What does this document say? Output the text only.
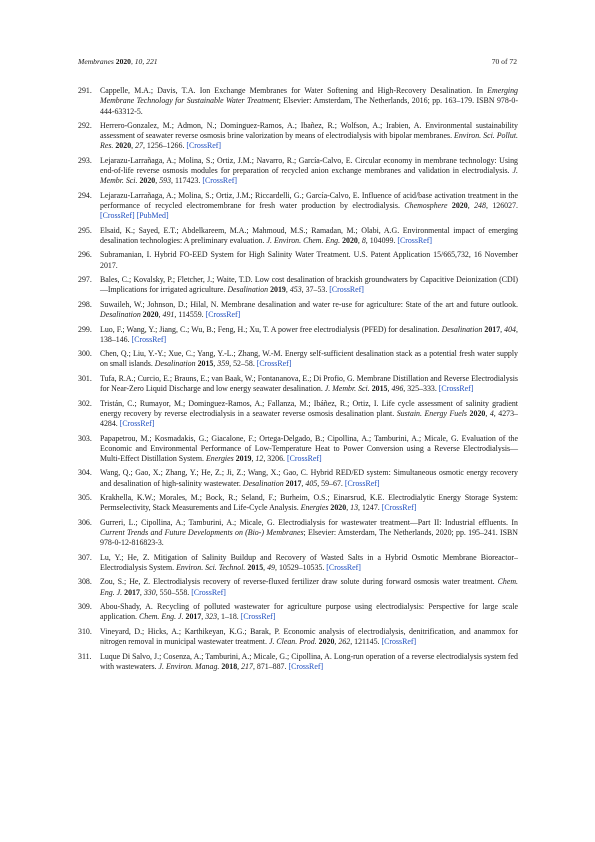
Membranes 2020, 10, 221	70 of 72
291. Cappelle, M.A.; Davis, T.A. Ion Exchange Membranes for Water Softening and High-Recovery Desalination. In Emerging Membrane Technology for Sustainable Water Treatment; Elsevier: Amsterdam, The Netherlands, 2016; pp. 163–179. ISBN 978-0-444-63312-5.
292. Herrero-Gonzalez, M.; Admon, N.; Dominguez-Ramos, A.; Ibañez, R.; Wolfson, A.; Irabien, A. Environmental sustainability assessment of seawater reverse osmosis brine valorization by means of electrodialysis with bipolar membranes. Environ. Sci. Pollut. Res. 2020, 27, 1256–1266. [CrossRef]
293. Lejarazu-Larrañaga, A.; Molina, S.; Ortiz, J.M.; Navarro, R.; García-Calvo, E. Circular economy in membrane technology: Using end-of-life reverse osmosis modules for preparation of recycled anion exchange membranes and validation in electrodialysis. J. Membr. Sci. 2020, 593, 117423. [CrossRef]
294. Lejarazu-Larrañaga, A.; Molina, S.; Ortiz, J.M.; Riccardelli, G.; García-Calvo, E. Influence of acid/base activation treatment in the performance of recycled electromembrane for fresh water production by electrodialysis. Chemosphere 2020, 248, 126027. [CrossRef] [PubMed]
295. Elsaid, K.; Sayed, E.T.; Abdelkareem, M.A.; Mahmoud, M.S.; Ramadan, M.; Olabi, A.G. Environmental impact of emerging desalination technologies: A preliminary evaluation. J. Environ. Chem. Eng. 2020, 8, 104099. [CrossRef]
296. Subramanian, I. Hybrid FO-EED System for High Salinity Water Treatment. U.S. Patent Application 15/665,732, 16 November 2017.
297. Bales, C.; Kovalsky, P.; Fletcher, J.; Waite, T.D. Low cost desalination of brackish groundwaters by Capacitive Deionization (CDI)—Implications for irrigated agriculture. Desalination 2019, 453, 37–53. [CrossRef]
298. Suwaileh, W.; Johnson, D.; Hilal, N. Membrane desalination and water re-use for agriculture: State of the art and future outlook. Desalination 2020, 491, 114559. [CrossRef]
299. Luo, F.; Wang, Y.; Jiang, C.; Wu, B.; Feng, H.; Xu, T. A power free electrodialysis (PFED) for desalination. Desalination 2017, 404, 138–146. [CrossRef]
300. Chen, Q.; Liu, Y.-Y.; Xue, C.; Yang, Y.-L.; Zhang, W.-M. Energy self-sufficient desalination stack as a potential fresh water supply on small islands. Desalination 2015, 359, 52–58. [CrossRef]
301. Tufa, R.A.; Curcio, E.; Brauns, E.; van Baak, W.; Fontananova, E.; Di Profio, G. Membrane Distillation and Reverse Electrodialysis for Near-Zero Liquid Discharge and low energy seawater desalination. J. Membr. Sci. 2015, 496, 325–333. [CrossRef]
302. Tristán, C.; Rumayor, M.; Dominguez-Ramos, A.; Fallanza, M.; Ibáñez, R.; Ortiz, I. Life cycle assessment of salinity gradient energy recovery by reverse electrodialysis in a seawater reverse osmosis desalination plant. Sustain. Energy Fuels 2020, 4, 4273–4284. [CrossRef]
303. Papapetrou, M.; Kosmadakis, G.; Giacalone, F.; Ortega-Delgado, B.; Cipollina, A.; Tamburini, A.; Micale, G. Evaluation of the Economic and Environmental Performance of Low-Temperature Heat to Power Conversion using a Reverse Electrodialysis—Multi-Effect Distillation System. Energies 2019, 12, 3206. [CrossRef]
304. Wang, Q.; Gao, X.; Zhang, Y.; He, Z.; Ji, Z.; Wang, X.; Gao, C. Hybrid RED/ED system: Simultaneous osmotic energy recovery and desalination of high-salinity wastewater. Desalination 2017, 405, 59–67. [CrossRef]
305. Krakhella, K.W.; Morales, M.; Bock, R.; Seland, F.; Burheim, O.S.; Einarsrud, K.E. Electrodialytic Energy Storage System: Permselectivity, Stack Measurements and Life-Cycle Analysis. Energies 2020, 13, 1247. [CrossRef]
306. Gurreri, L.; Cipollina, A.; Tamburini, A.; Micale, G. Electrodialysis for wastewater treatment—Part II: Industrial effluents. In Current Trends and Future Developments on (Bio-) Membranes; Elsevier: Amsterdam, The Netherlands, 2020; pp. 195–241. ISBN 978-0-12-816823-3.
307. Lu, Y.; He, Z. Mitigation of Salinity Buildup and Recovery of Wasted Salts in a Hybrid Osmotic Membrane Bioreactor–Electrodialysis System. Environ. Sci. Technol. 2015, 49, 10529–10535. [CrossRef]
308. Zou, S.; He, Z. Electrodialysis recovery of reverse-fluxed fertilizer draw solute during forward osmosis water treatment. Chem. Eng. J. 2017, 330, 550–558. [CrossRef]
309. Abou-Shady, A. Recycling of polluted wastewater for agriculture purpose using electrodialysis: Perspective for large scale application. Chem. Eng. J. 2017, 323, 1–18. [CrossRef]
310. Vineyard, D.; Hicks, A.; Karthikeyan, K.G.; Barak, P. Economic analysis of electrodialysis, denitrification, and anammox for nitrogen removal in municipal wastewater treatment. J. Clean. Prod. 2020, 262, 121145. [CrossRef]
311. Luque Di Salvo, J.; Cosenza, A.; Tamburini, A.; Micale, G.; Cipollina, A. Long-run operation of a reverse electrodialysis system fed with wastewaters. J. Environ. Manag. 2018, 217, 871–887. [CrossRef]
